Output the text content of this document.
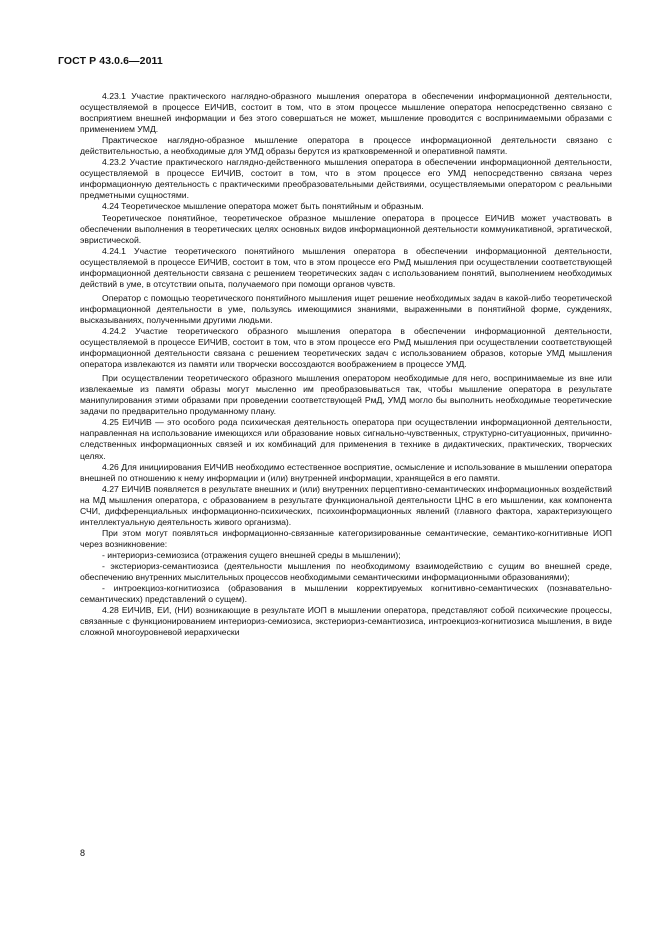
ГОСТ Р 43.0.6—2011

4.23.1 Участие практического наглядно-образного мышления оператора в обеспечении информационной деятельности, осуществляемой в процессе ЕИЧИВ, состоит в том, что в этом процессе мышление оператора непосредственно связано с восприятием внешней информации и без этого совершаться не может, мышление проводится с воспринимаемыми образами с применением УМД.

Практическое наглядно-образное мышление оператора в процессе информационной деятельности связано с действительностью, а необходимые для УМД образы берутся из кратковременной и оперативной памяти.

4.23.2 Участие практического наглядно-действенного мышления оператора в обеспечении информационной деятельности, осуществляемой в процессе ЕИЧИВ, состоит в том, что в этом процессе его УМД непосредственно связана через информационную деятельность с практическими преобразовательными действиями, осуществляемыми оператором с реальными предметными сущностями.

4.24 Теоретическое мышление оператора может быть понятийным и образным.

Теоретическое понятийное, теоретическое образное мышление оператора в процессе ЕИЧИВ может участвовать в обеспечении выполнения в теоретических целях основных видов информационной деятельности коммуникативной, эргатической, эвристической.

4.24.1 Участие теоретического понятийного мышления оператора в обеспечении информационной деятельности, осуществляемой в процессе ЕИЧИВ, состоит в том, что в этом процессе его РмД мышления при осуществлении соответствующей информационной деятельности связана с решением теоретических задач с использованием понятий, выполнением необходимых действий в уме, в отсутствии опыта, получаемого при помощи органов чувств.

Оператор с помощью теоретического понятийного мышления ищет решение необходимых задач в какой-либо теоретической информационной деятельности в уме, пользуясь имеющимися знаниями, выраженными в понятийной форме, суждениях, высказываниях, полученными другими людьми.

4.24.2 Участие теоретического образного мышления оператора в обеспечении информационной деятельности, осуществляемой в процессе ЕИЧИВ, состоит в том, что в этом процессе его РмД мышления при осуществлении соответствующей информационной деятельности связана с решением теоретических задач с использованием образов, которые УМД мышления оператора извлекаются из памяти или творчески воссоздаются воображением в процессе УМД.

При осуществлении теоретического образного мышления оператором необходимые для него, воспринимаемые из вне или извлекаемые из памяти образы могут мысленно им преобразовываться так, чтобы мышление оператора в результате манипулирования этими образами при проведении соответствующей РмД, УМД могло бы выполнить необходимые теоретические задачи по предварительно продуманному плану.

4.25 ЕИЧИВ — это особого рода психическая деятельность оператора при осуществлении информационной деятельности, направленная на использование имеющихся или образование новых сигнально-чувственных, структурно-ситуационных, причинно-следственных информационных связей и их комбинаций для применения в технике в дидактических, практических, творческих целях.

4.26 Для инициирования ЕИЧИВ необходимо естественное восприятие, осмысление и использование в мышлении оператора внешней по отношению к нему информации и (или) внутренней информации, хранящейся в его памяти.

4.27 ЕИЧИВ появляется в результате внешних и (или) внутренних перцептивно-семантических информационных воздействий на МД мышления оператора, с образованием в результате функциональной деятельности ЦНС в его мышлении, как компонента СЧИ, дифференциальных информационно-психических, психоинформационных явлений (главного фактора, характеризующего интеллектуальную деятельность живого организма).

При этом могут появляться информационно-связанные категоризированные семантические, семантико-когнитивные ИОП через возникновение:

- интериориз-семиозиса (отражения сущего внешней среды в мышлении);

- экстериориз-семантиозиса (деятельности мышления по необходимому взаимодействию с сущим во внешней среде, обеспечению внутренних мыслительных процессов необходимыми семантическими информационными образованиями);

- интроекциоз-когнитиозиса (образования в мышлении корректируемых когнитивно-семантических (познавательно-семантических) представлений о сущем).

4.28 ЕИЧИВ, ЕИ, (НИ) возникающие в результате ИОП в мышлении оператора, представляют собой психические процессы, связанные с функционированием интериориз-семиозиса, экстериориз-семантиозиса, интроекциоз-когнитиозиса мышления, в виде сложной многоуровневой иерархически

8
